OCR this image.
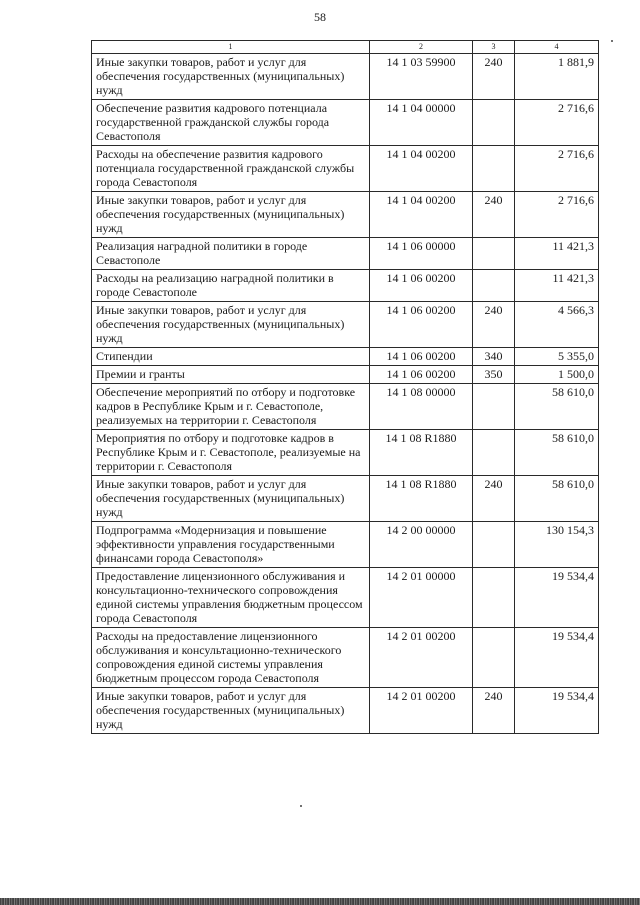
58
1	2	3	4
Иные закупки товаров, работ и услуг для обеспечения государственных (муниципальных) нужд	14 1 03 59900	240	1 881,9
Обеспечение развития кадрового потенциала государственной гражданской службы города Севастополя	14 1 04 00000		2 716,6
Расходы на обеспечение развития кадрового потенциала государственной гражданской службы города Севастополя	14 1 04 00200		2 716,6
Иные закупки товаров, работ и услуг для обеспечения государственных (муниципальных) нужд	14 1 04 00200	240	2 716,6
Реализация наградной политики в городе Севастополе	14 1 06 00000		11 421,3
Расходы на реализацию наградной политики в городе Севастополе	14 1 06 00200		11 421,3
Иные закупки товаров, работ и услуг для обеспечения государственных (муниципальных) нужд	14 1 06 00200	240	4 566,3
Стипендии	14 1 06 00200	340	5 355,0
Премии и гранты	14 1 06 00200	350	1 500,0
Обеспечение мероприятий по отбору и подготовке кадров в Республике Крым и г. Севастополе, реализуемых на территории г. Севастополя	14 1 08 00000		58 610,0
Мероприятия по отбору и подготовке кадров в Республике Крым и г. Севастополе, реализуемые на территории г. Севастополя	14 1 08 R1880		58 610,0
Иные закупки товаров, работ и услуг для обеспечения государственных (муниципальных) нужд	14 1 08 R1880	240	58 610,0
Подпрограмма «Модернизация и повышение эффективности управления государственными финансами города Севастополя»	14 2 00 00000		130 154,3
Предоставление лицензионного обслуживания и консультационно-технического сопровождения единой системы управления бюджетным процессом города Севастополя	14 2 01 00000		19 534,4
Расходы на предоставление лицензионного обслуживания и консультационно-технического сопровождения единой системы управления бюджетным процессом города Севастополя	14 2 01 00200		19 534,4
Иные закупки товаров, работ и услуг для обеспечения государственных (муниципальных) нужд	14 2 01 00200	240	19 534,4
